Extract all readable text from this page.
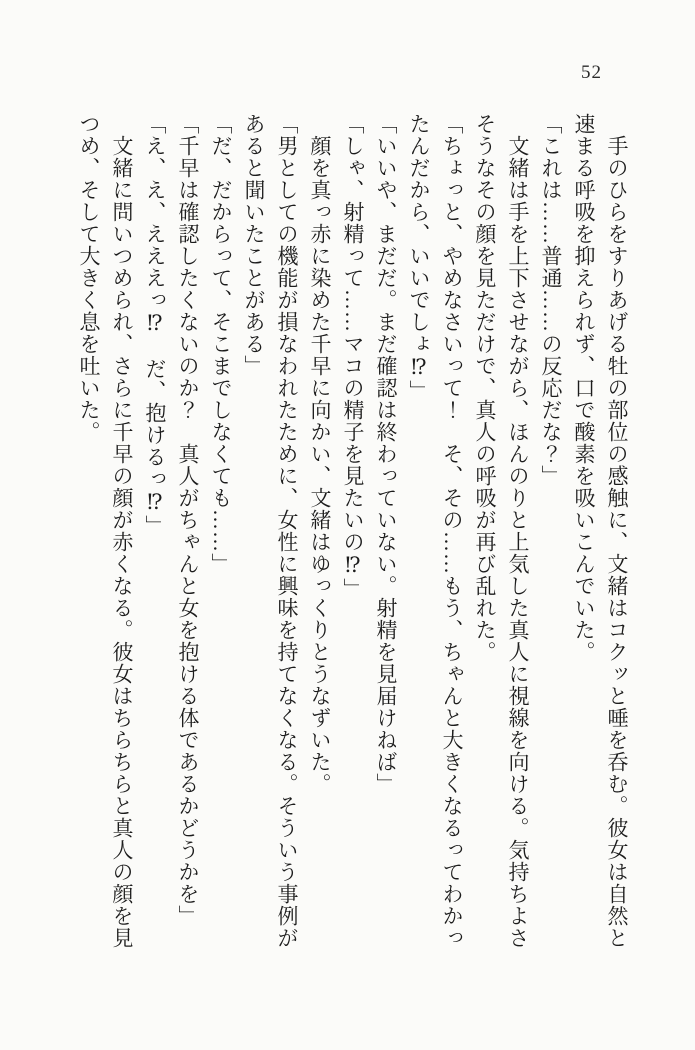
52

　手のひらをすりあげる牡の部位の感触に、文緒はコクッと唾を呑む。彼女は自然と速まる呼吸を抑えられず、口で酸素を吸いこんでいた。

「これは……普通……の反応だな？」

　文緒は手を上下させながら、ほんのりと上気した真人に視線を向ける。気持ちよさそうなその顔を見ただけで、真人の呼吸が再び乱れた。

「ちょっと、やめなさいって！　そ、その……もう、ちゃんと大きくなるってわかったんだから、いいでしょ⁉」

「いいや、まだだ。まだ確認は終わっていない。射精を見届けねば」

「しゃ、射精って……マコの精子を見たいの⁉」

　顔を真っ赤に染めた千早に向かい、文緒はゆっくりとうなずいた。

「男としての機能が損なわれたために、女性に興味を持てなくなる。そういう事例があると聞いたことがある」

「だ、だからって、そこまでしなくても……」

「千早は確認したくないのか？　真人がちゃんと女を抱ける体であるかどうかを」

「え、え、えええっ⁉　だ、抱けるっ⁉」

　文緒に問いつめられ、さらに千早の顔が赤くなる。彼女はちらちらと真人の顔を見つめ、そして大きく息を吐いた。
